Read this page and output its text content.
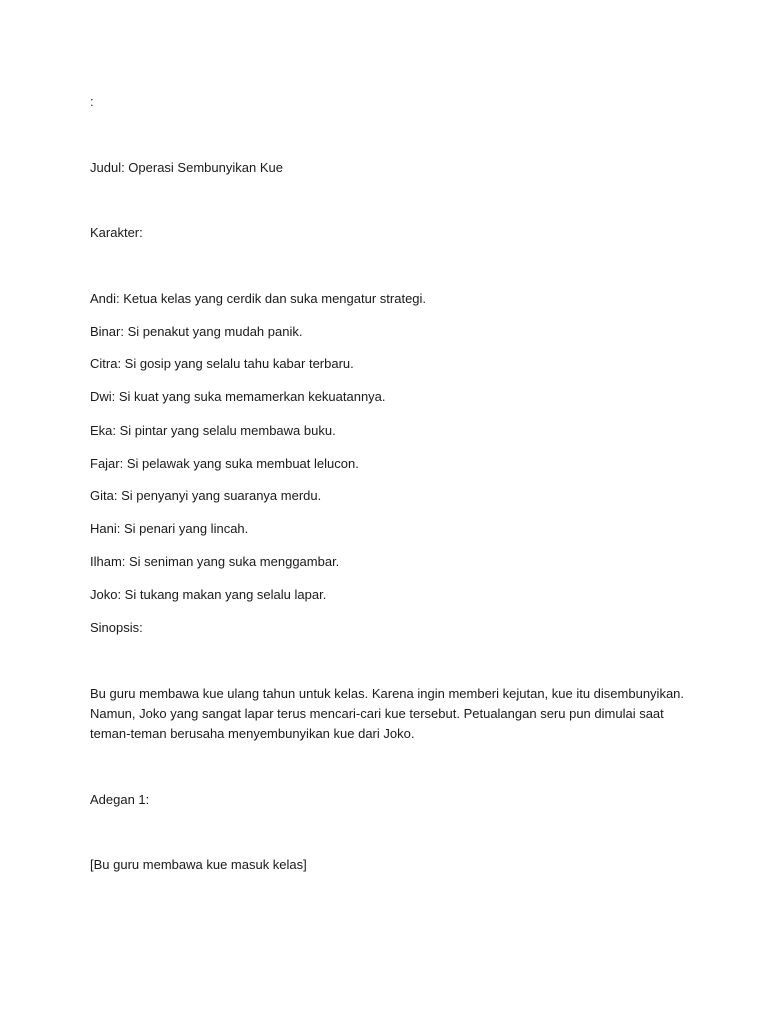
:
Judul: Operasi Sembunyikan Kue
Karakter:
Andi: Ketua kelas yang cerdik dan suka mengatur strategi.
Binar: Si penakut yang mudah panik.
Citra: Si gosip yang selalu tahu kabar terbaru.
Dwi: Si kuat yang suka memamerkan kekuatannya.
Eka: Si pintar yang selalu membawa buku.
Fajar: Si pelawak yang suka membuat lelucon.
Gita: Si penyanyi yang suaranya merdu.
Hani: Si penari yang lincah.
Ilham: Si seniman yang suka menggambar.
Joko: Si tukang makan yang selalu lapar.
Sinopsis:
Bu guru membawa kue ulang tahun untuk kelas. Karena ingin memberi kejutan, kue itu disembunyikan.
Namun, Joko yang sangat lapar terus mencari-cari kue tersebut. Petualangan seru pun dimulai saat
teman-teman berusaha menyembunyikan kue dari Joko.
Adegan 1:
[Bu guru membawa kue masuk kelas]
